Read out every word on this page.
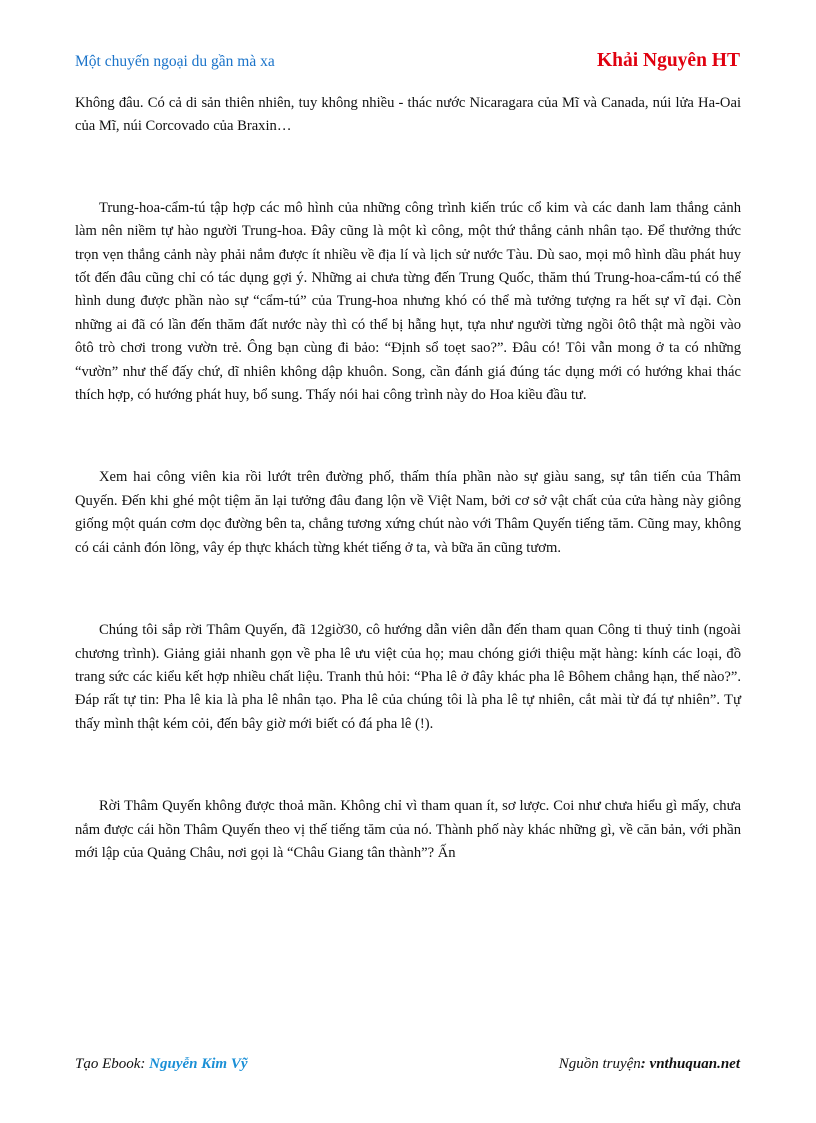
Một chuyến ngoại du gần mà xa	Khải Nguyên HT

Không đâu. Có cả di sản thiên nhiên, tuy không nhiều - thác nước Nicaragara của Mĩ và Canada, núi lửa Ha-Oai của Mĩ, núi Corcovado của Braxin…

Trung-hoa-cẩm-tú tập hợp các mô hình của những công trình kiến trúc cổ kim và các danh lam thắng cảnh làm nên niềm tự hào người Trung-hoa. Đây cũng là một kì công, một thứ thắng cảnh nhân tạo. Để thưởng thức trọn vẹn thắng cảnh này phải nắm được ít nhiều về địa lí và lịch sử nước Tàu. Dù sao, mọi mô hình dầu phát huy tốt đến đâu cũng chỉ có tác dụng gợi ý. Những ai chưa từng đến Trung Quốc, thăm thú Trung-hoa-cẩm-tú có thể hình dung được phần nào sự “cẩm-tú” của Trung-hoa nhưng khó có thể mà tưởng tượng ra hết sự vĩ đại. Còn những ai đã có lần đến thăm đất nước này thì có thể bị hẫng hụt, tựa như người từng ngồi ôtô thật mà ngồi vào ôtô trò chơi trong vườn trẻ. Ông bạn cùng đi bảo: “Định sổ toẹt sao?”. Đâu có! Tôi vẫn mong ở ta có những “vườn” như thế đấy chứ, dĩ nhiên không dập khuôn. Song, cần đánh giá đúng tác dụng mới có hướng khai thác thích hợp, có hướng phát huy, bổ sung. Thấy nói hai công trình này do Hoa kiều đầu tư.

Xem hai công viên kia rồi lướt trên đường phố, thấm thía phần nào sự giàu sang, sự tân tiến của Thâm Quyến. Đến khi ghé một tiệm ăn lại tưởng đâu đang lộn về Việt Nam, bởi cơ sở vật chất của cửa hàng này giông giống một quán cơm dọc đường bên ta, chẳng tương xứng chút nào với Thâm Quyến tiếng tăm. Cũng may, không có cái cảnh đón lõng, vây ép thực khách từng khét tiếng ở ta, và bữa ăn cũng tươm.

Chúng tôi sắp rời Thâm Quyến, đã 12giờ30, cô hướng dẫn viên dẫn đến tham quan Công ti thuỷ tinh (ngoài chương trình). Giảng giải nhanh gọn về pha lê ưu việt của họ; mau chóng giới thiệu mặt hàng: kính các loại, đồ trang sức các kiểu kết hợp nhiều chất liệu. Tranh thủ hỏi: “Pha lê ở đây khác pha lê Bôhem chẳng hạn, thế nào?”. Đáp rất tự tin: Pha lê kia là pha lê nhân tạo. Pha lê của chúng tôi là pha lê tự nhiên, cắt mài từ đá tự nhiên”. Tự thấy mình thật kém cỏi, đến bây giờ mới biết có đá pha lê (!).

Rời Thâm Quyến không được thoả mãn. Không chỉ vì tham quan ít, sơ lược. Coi như chưa hiểu gì mấy, chưa nắm được cái hồn Thâm Quyến theo vị thế tiếng tăm của nó. Thành phố này khác những gì, về căn bản, với phần mới lập của Quảng Châu, nơi gọi là “Châu Giang tân thành”? Ấn

Tạo Ebook: Nguyễn Kim Vỹ	Nguồn truyện: vnthuquan.net
